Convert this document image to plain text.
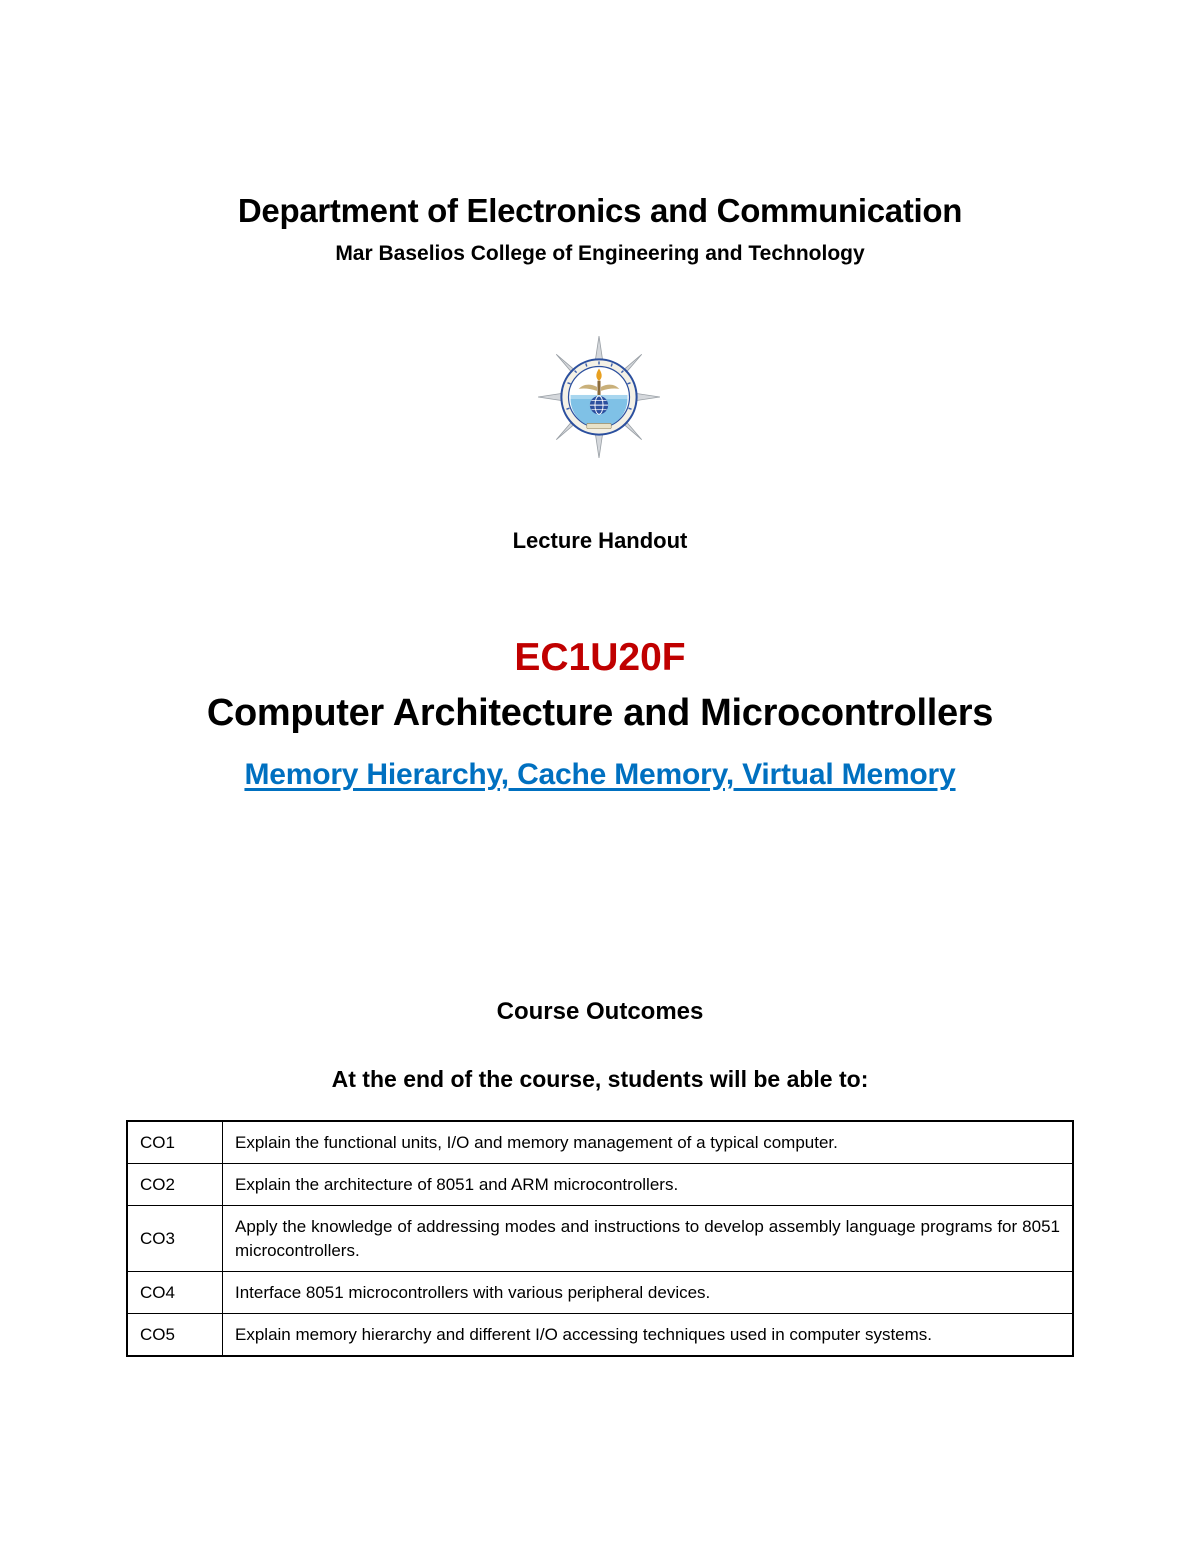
Department of Electronics and Communication
Mar Baselios College of Engineering and Technology
Lecture Handout
EC1U20F
Computer Architecture and Microcontrollers
Memory Hierarchy, Cache Memory, Virtual Memory
Course Outcomes
At the end of the course, students will be able to:
CO1	Explain the functional units, I/O and memory management of a typical computer.
CO2	Explain the architecture of 8051 and ARM microcontrollers.
CO3	Apply the knowledge of addressing modes and instructions to develop assembly language programs for 8051 microcontrollers.
CO4	Interface 8051 microcontrollers with various peripheral devices.
CO5	Explain memory hierarchy and different I/O accessing techniques used in computer systems.
